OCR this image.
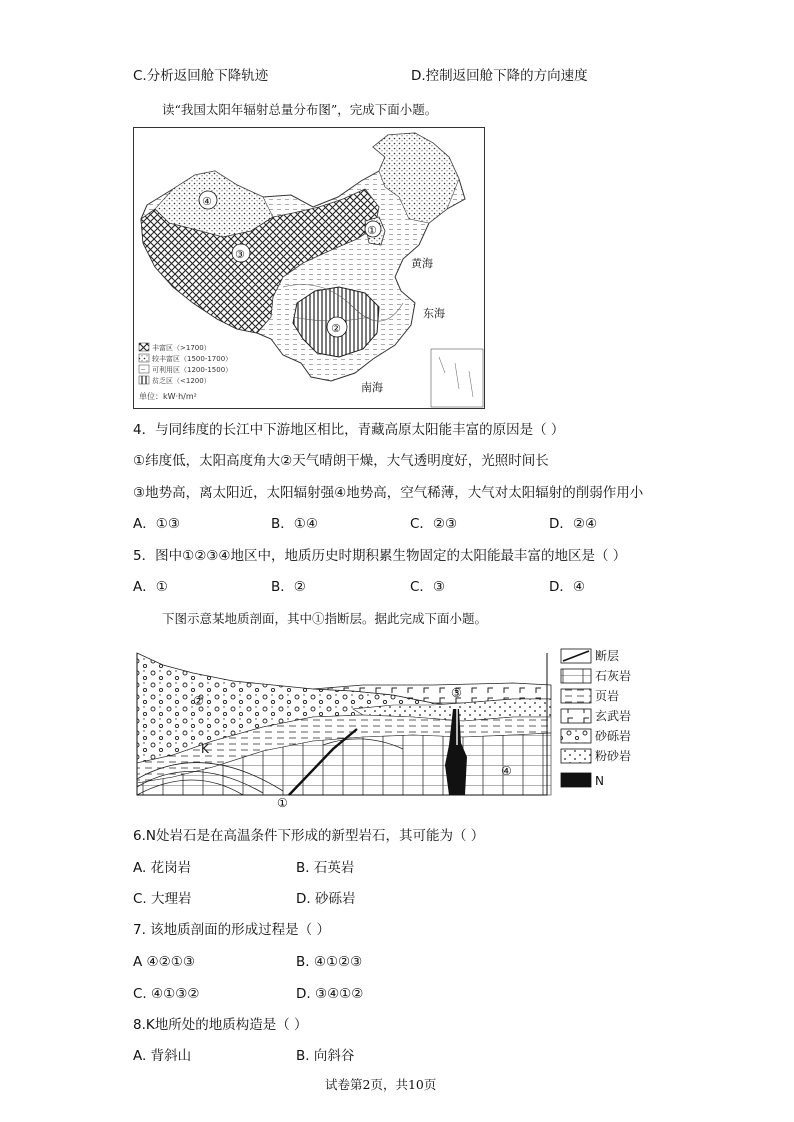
C.分析返回舱下降轨迹	D.控制返回舱下降的方向速度
读“我国太阳年辐射总量分布图”，完成下面小题。
④
③
①
②
黄海
东海
南海
丰富区（>1700）
较丰富区（1500-1700）
可利用区（1200-1500）
贫乏区（<1200）
单位：kW·h/m²
4．与同纬度的长江中下游地区相比，青藏高原太阳能丰富的原因是（ ）
①纬度低，太阳高度角大②天气晴朗干燥，大气透明度好，光照时间长
③地势高，离太阳近，太阳辐射强④地势高，空气稀薄，大气对太阳辐射的削弱作用小
A．①③	B．①④	C．②③	D．②④
5．图中①②③④地区中，地质历史时期积累生物固定的太阳能最丰富的地区是（ ）
A．①	B．②	C．③	D．④
下图示意某地质剖面，其中①指断层。据此完成下面小题。
②
③
④
K
①
断层
石灰岩
页岩
玄武岩
砂砾岩
粉砂岩
N
6.N处岩石是在高温条件下形成的新型岩石，其可能为（ ）
A. 花岗岩	B. 石英岩
C. 大理岩	D. 砂砾岩
7. 该地质剖面的形成过程是（ ）
A ④②①③	B. ④①②③
C. ④①③②	D. ③④①②
8.K地所处的地质构造是（ ）
A. 背斜山	B. 向斜谷
试卷第2页，共10页
